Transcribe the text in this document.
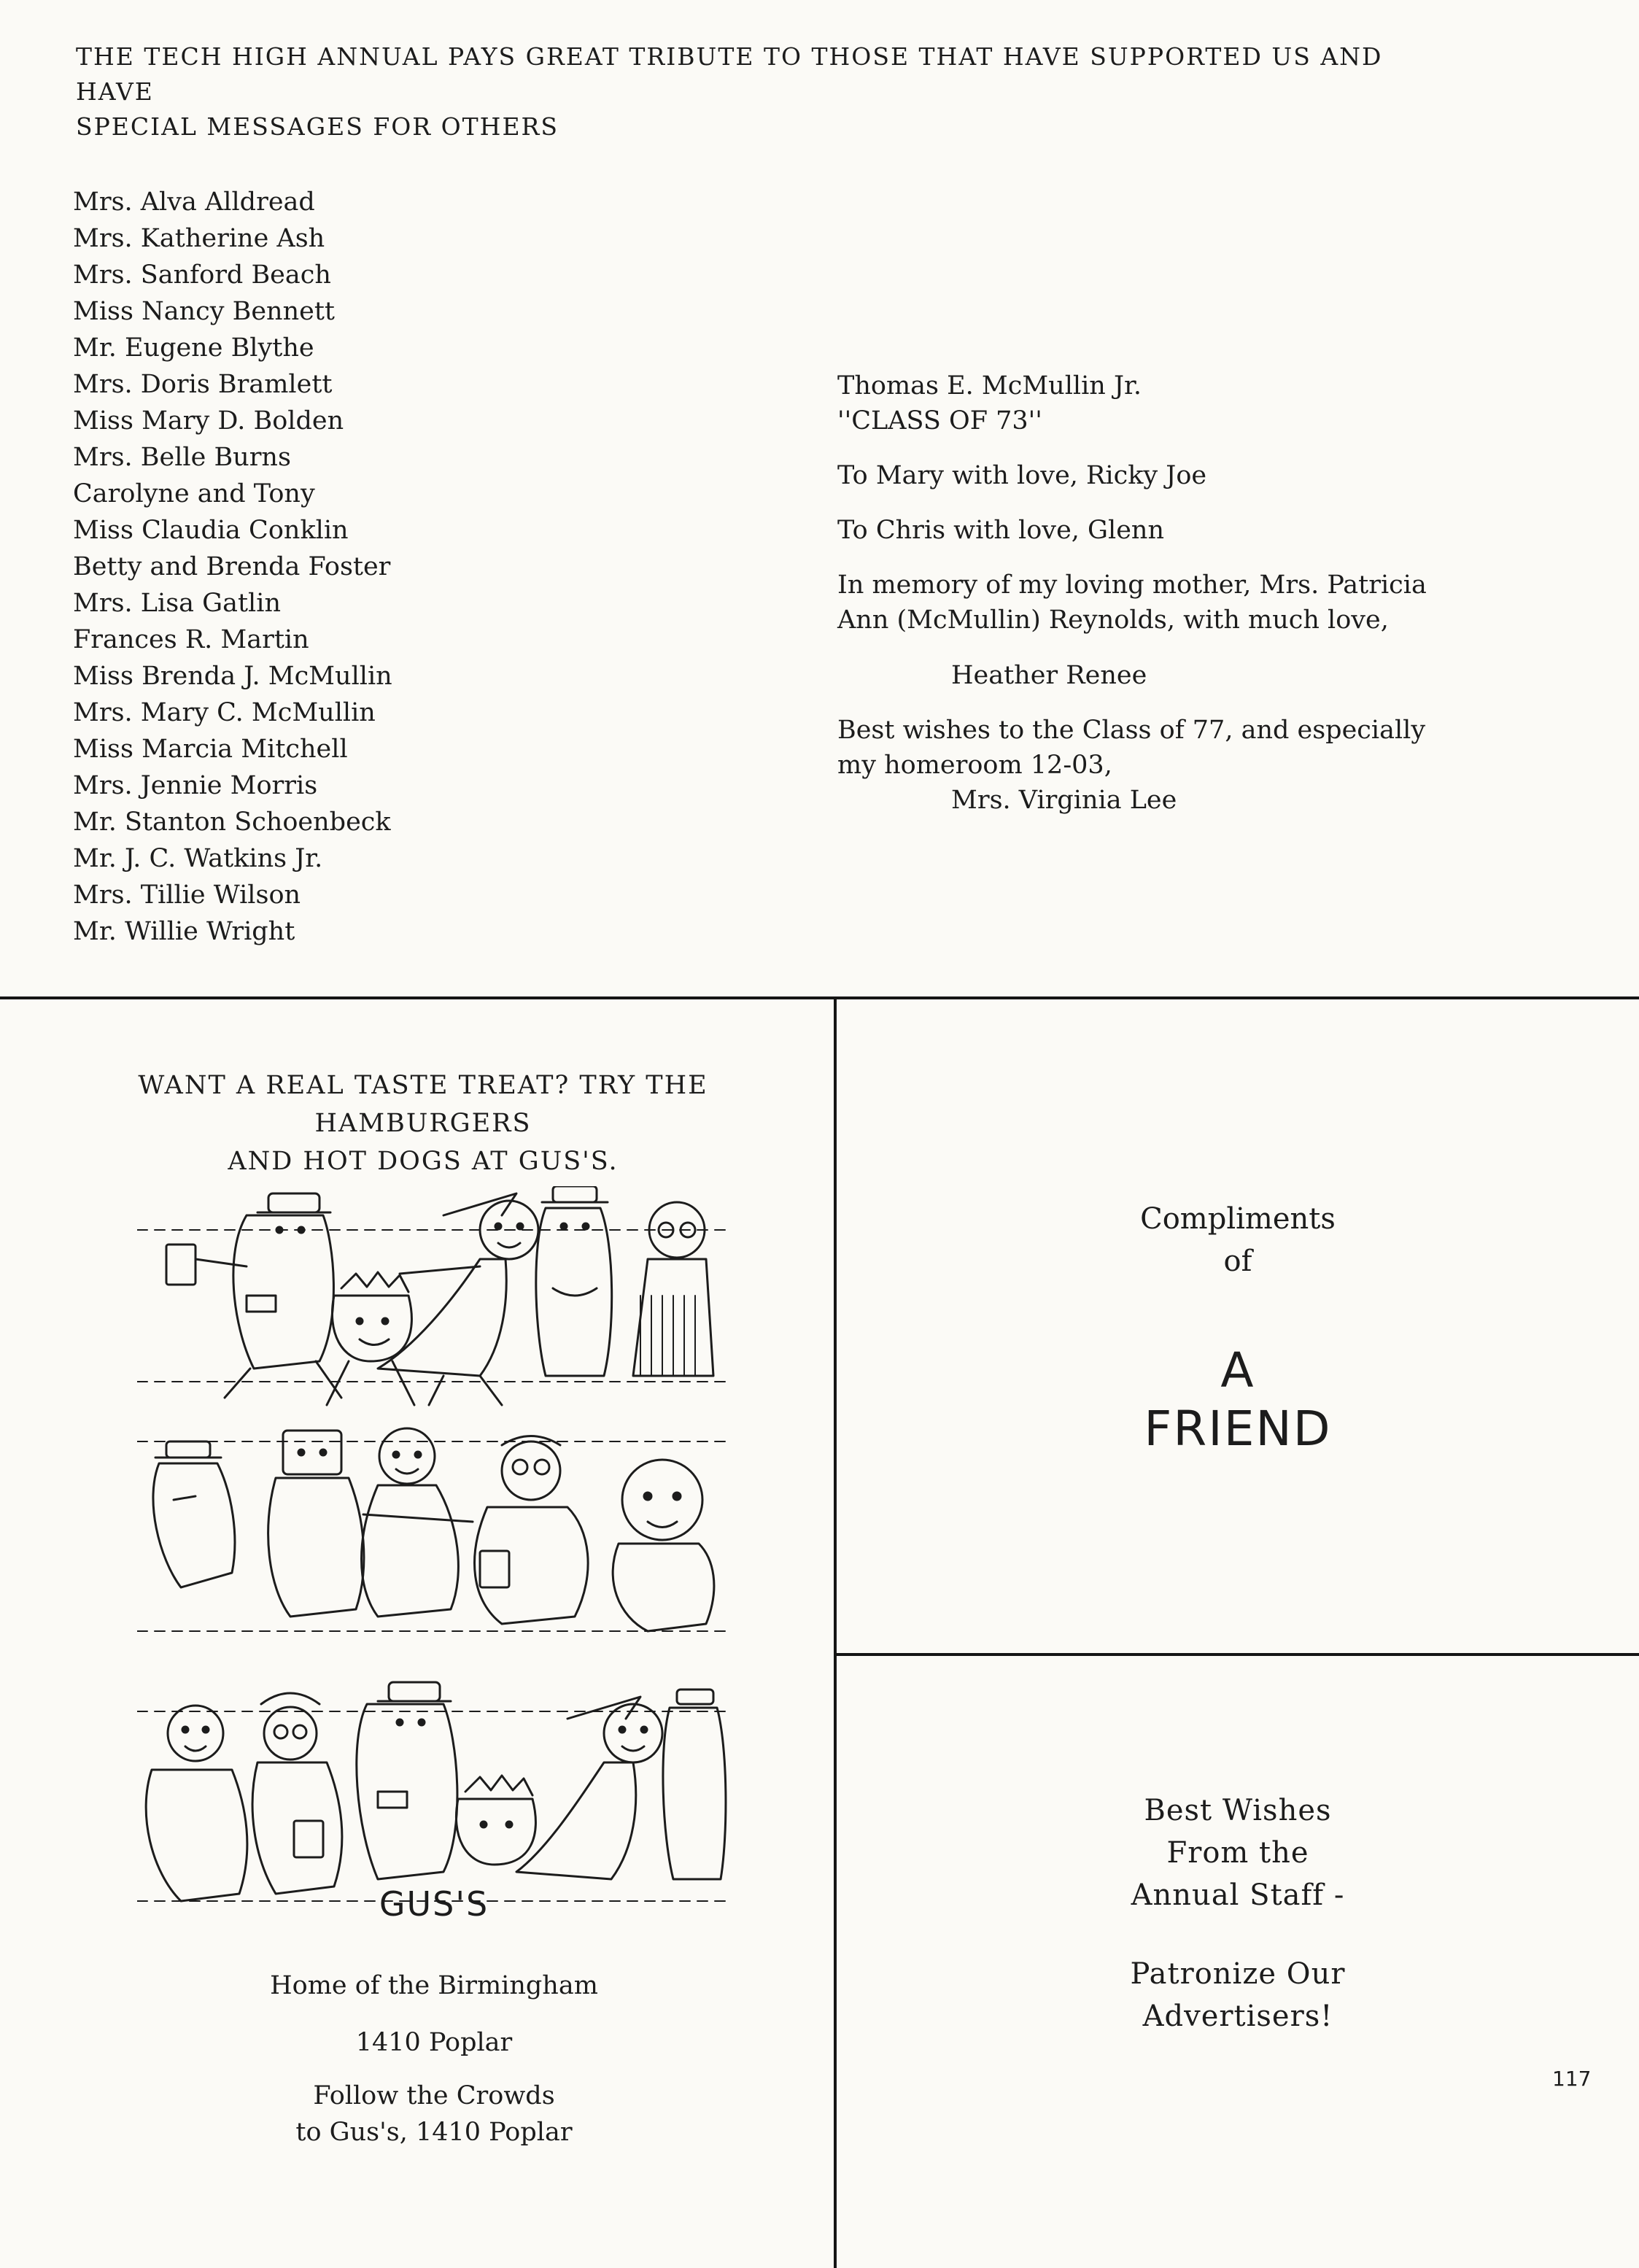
THE TECH HIGH ANNUAL PAYS GREAT TRIBUTE TO THOSE THAT HAVE SUPPORTED US AND HAVE
SPECIAL MESSAGES FOR OTHERS
Mrs. Alva Alldread
Mrs. Katherine Ash
Mrs. Sanford Beach
Miss Nancy Bennett
Mr. Eugene Blythe
Mrs. Doris Bramlett
Miss Mary D. Bolden
Mrs. Belle Burns
Carolyne and Tony
Miss Claudia Conklin
Betty and Brenda Foster
Mrs. Lisa Gatlin
Frances R. Martin
Miss Brenda J. McMullin
Mrs. Mary C. McMullin
Miss Marcia Mitchell
Mrs. Jennie Morris
Mr. Stanton Schoenbeck
Mr. J. C. Watkins Jr.
Mrs. Tillie Wilson
Mr. Willie Wright
Thomas E. McMullin Jr.
''CLASS OF 73''
To Mary with love, Ricky Joe
To Chris with love, Glenn
In memory of my loving mother, Mrs. Patricia
Ann (McMullin) Reynolds, with much love,
Heather Renee
Best wishes to the Class of 77, and especially
my homeroom 12-03,
Mrs. Virginia Lee
WANT A REAL TASTE TREAT? TRY THE HAMBURGERS
AND HOT DOGS AT GUS'S.
GUS'S
Home of the Birmingham
1410 Poplar
Follow the Crowds
to Gus's, 1410 Poplar
Compliments
of
A
FRIEND
Best Wishes
From the
Annual Staff -
Patronize Our
Advertisers!
117
